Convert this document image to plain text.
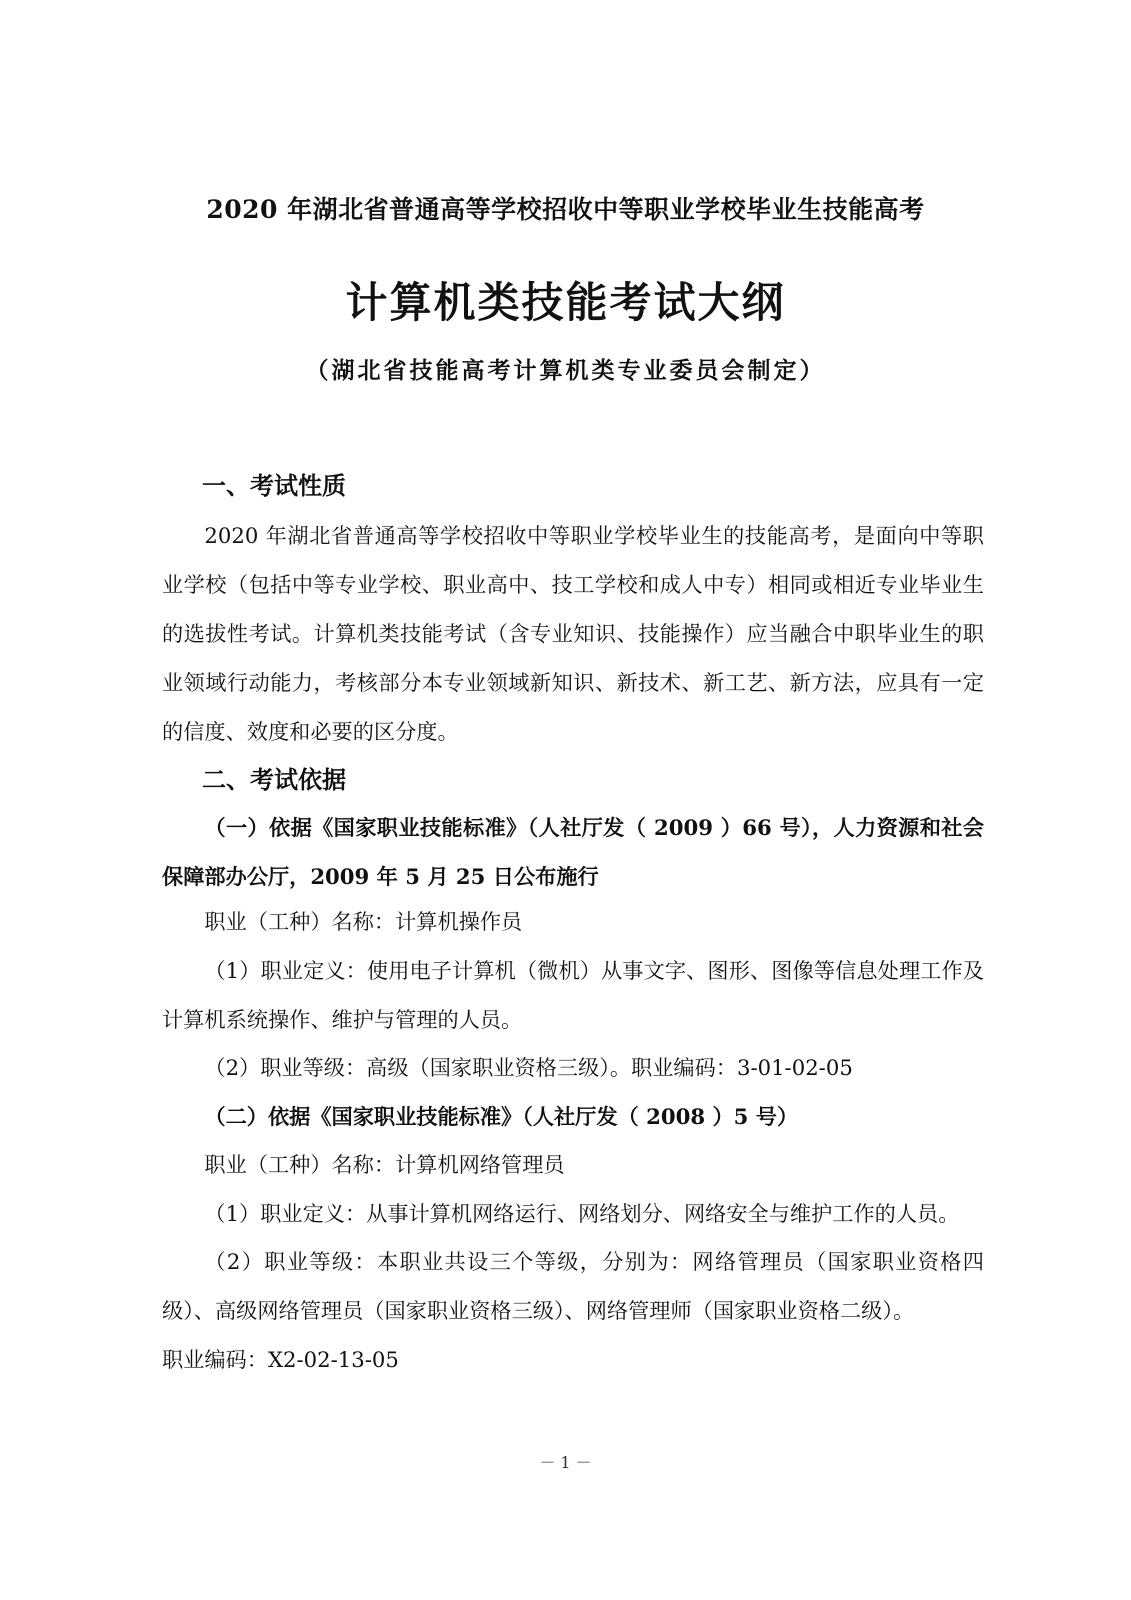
2020 年湖北省普通高等学校招收中等职业学校毕业生技能高考
计算机类技能考试大纲
（湖北省技能高考计算机类专业委员会制定）
一、考试性质

2020 年湖北省普通高等学校招收中等职业学校毕业生的技能高考，是面向中等职业学校（包括中等专业学校、职业高中、技工学校和成人中专）相同或相近专业毕业生的选拔性考试。计算机类技能考试（含专业知识、技能操作）应当融合中职毕业生的职业领域行动能力，考核部分本专业领域新知识、新技术、新工艺、新方法，应具有一定的信度、效度和必要的区分度。

二、考试依据

（一）依据《国家职业技能标准》（人社厅发（ 2009 ）66 号），人力资源和社会保障部办公厅，2009 年 5 月 25 日公布施行

职业（工种）名称：计算机操作员

（1）职业定义：使用电子计算机（微机）从事文字、图形、图像等信息处理工作及计算机系统操作、维护与管理的人员。

（2）职业等级：高级（国家职业资格三级）。职业编码：3-01-02-05

（二）依据《国家职业技能标准》（人社厅发（ 2008 ）5 号）

职业（工种）名称：计算机网络管理员

（1）职业定义：从事计算机网络运行、网络划分、网络安全与维护工作的人员。

（2）职业等级：本职业共设三个等级，分别为：网络管理员（国家职业资格四级）、高级网络管理员（国家职业资格三级）、网络管理师（国家职业资格二级）。

职业编码：X2-02-13-05

－ 1 －
